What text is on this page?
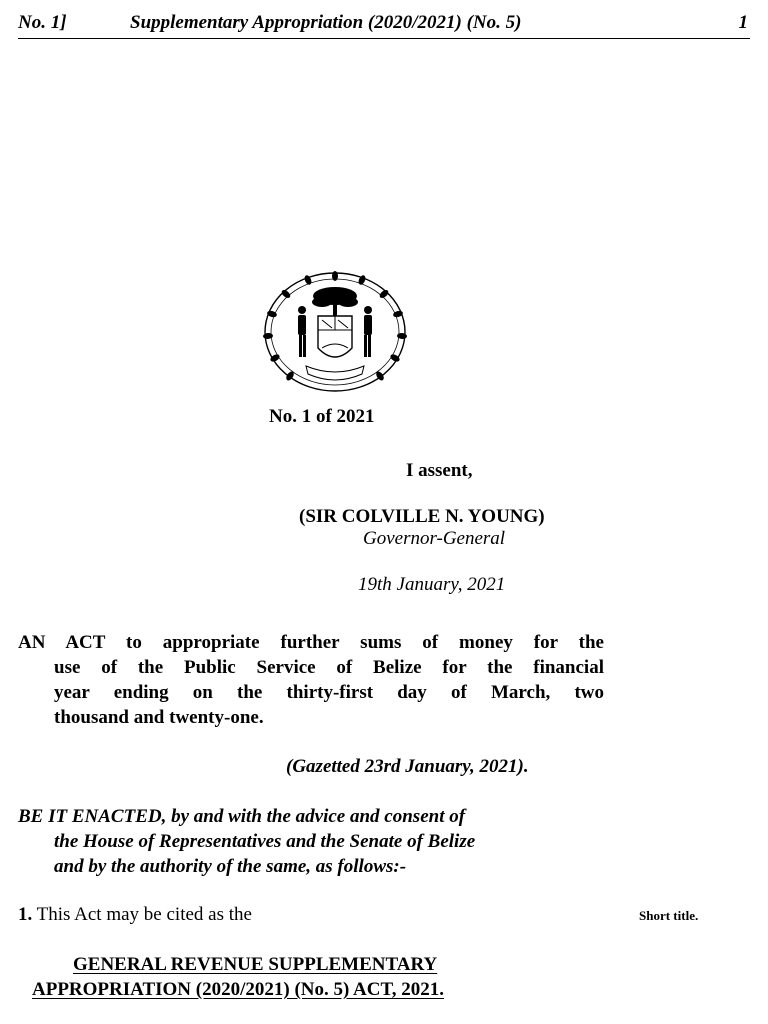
No. 1]	Supplementary Appropriation (2020/2021) (No. 5)	1
No. 1 of 2021
I assent,
(SIR COLVILLE N. YOUNG)
Governor-General
19th January, 2021
AN ACT to appropriate further sums of money for the
use of the Public Service of Belize for the financial
year ending on the thirty-first day of March, two
thousand and twenty-one.
(Gazetted 23rd January, 2021).
BE IT ENACTED, by and with the advice and consent of
the House of Representatives and the Senate of Belize
and by the authority of the same, as follows:-
1. This Act may be cited as the	Short title.
GENERAL REVENUE SUPPLEMENTARY
APPROPRIATION (2020/2021) (No. 5) ACT, 2021.
